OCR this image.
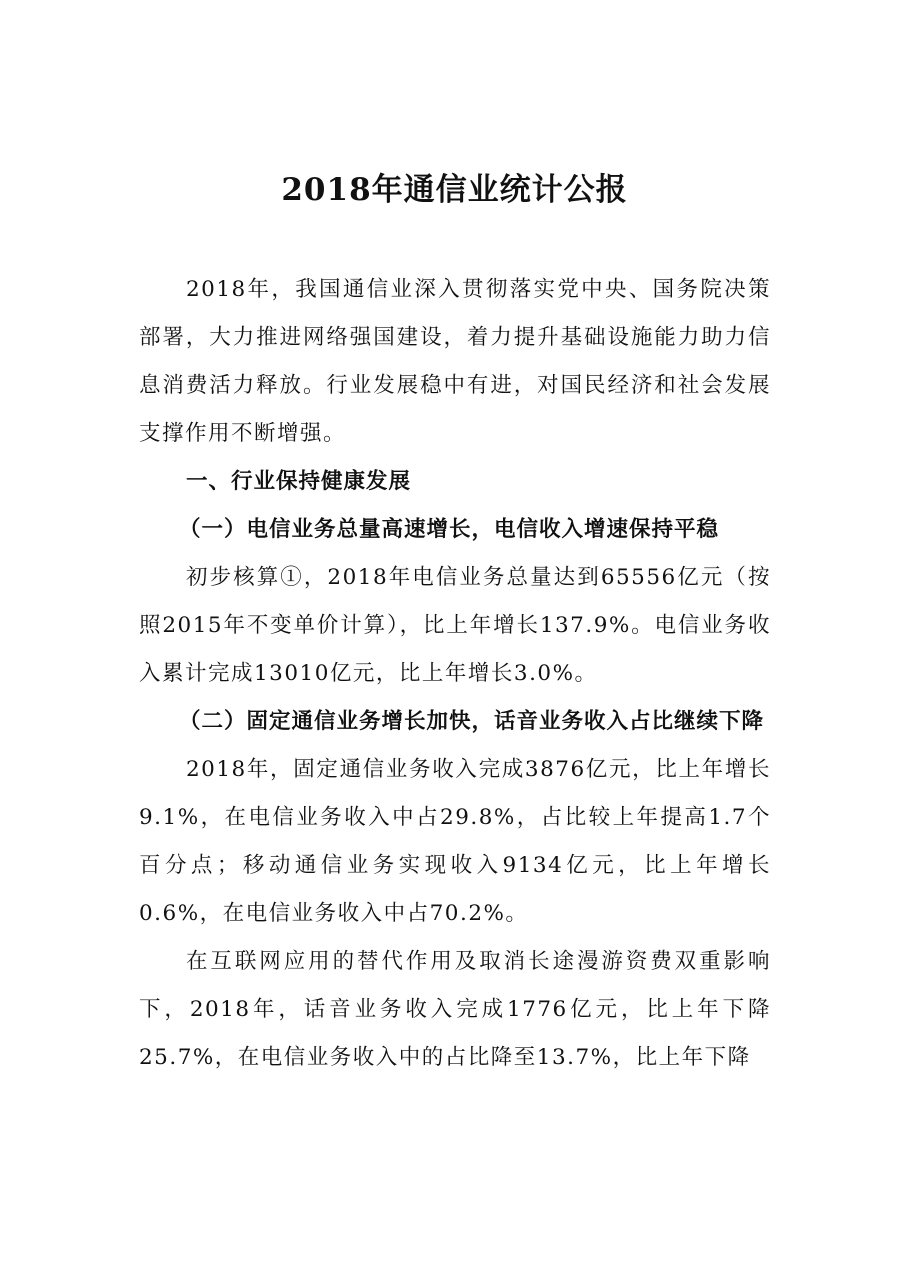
2018年通信业统计公报

2018年，我国通信业深入贯彻落实党中央、国务院决策部署，大力推进网络强国建设，着力提升基础设施能力助力信息消费活力释放。行业发展稳中有进，对国民经济和社会发展支撑作用不断增强。

一、行业保持健康发展

（一）电信业务总量高速增长，电信收入增速保持平稳

初步核算①，2018年电信业务总量达到65556亿元（按照2015年不变单价计算），比上年增长137.9%。电信业务收入累计完成13010亿元，比上年增长3.0%。

（二）固定通信业务增长加快，话音业务收入占比继续下降

2018年，固定通信业务收入完成3876亿元，比上年增长9.1%，在电信业务收入中占29.8%，占比较上年提高1.7个百分点；移动通信业务实现收入9134亿元，比上年增长0.6%，在电信业务收入中占70.2%。

在互联网应用的替代作用及取消长途漫游资费双重影响下，2018年，话音业务收入完成1776亿元，比上年下降25.7%，在电信业务收入中的占比降至13.7%，比上年下降
